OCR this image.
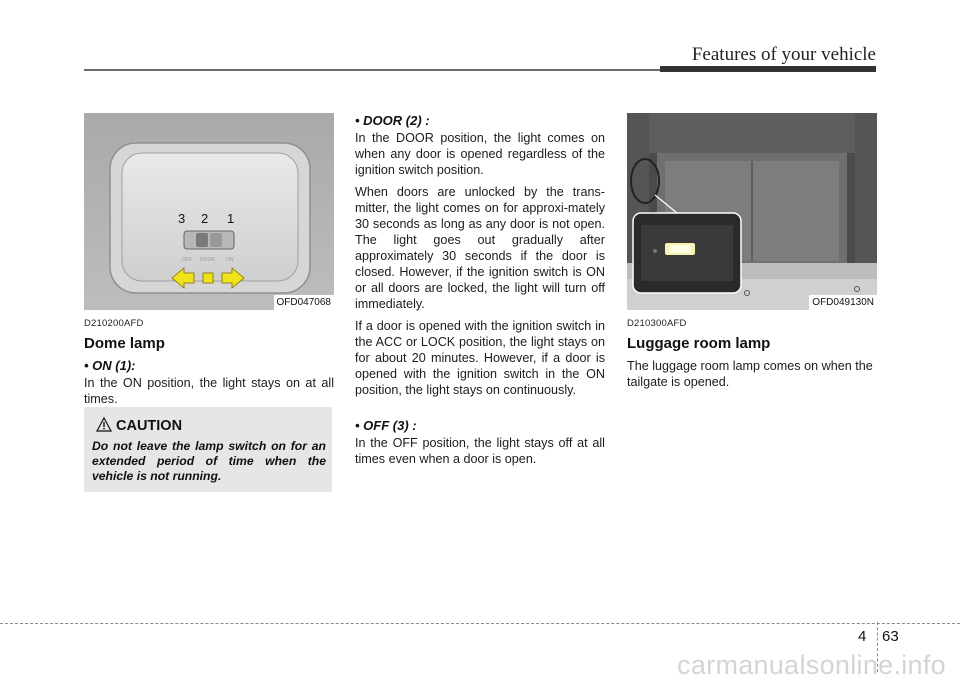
Features of your vehicle
OFF DOOR ON
3 2 1
OFD047068
D210200AFD
Dome lamp
• ON (1):

In the ON position, the light stays on at all times.

CAUTION
Do not leave the lamp switch on for an extended period of time when the vehicle is not running.
• DOOR (2) :

In the DOOR position, the light comes on when any door is opened regardless of the ignition switch position.

When doors are unlocked by the trans-mitter, the light comes on for approxi-mately 30 seconds as long as any door is not open. The light goes out gradually after approximately 30 seconds if the door is closed. However, if the ignition switch is ON or all doors are locked, the light will turn off immediately.

If a door is opened with the ignition switch in the ACC or LOCK position, the light stays on for about 20 minutes. However, if a door is opened with the ignition switch in the ON position, the light stays on continuously.

• OFF (3) :

In the OFF position, the light stays off at all times even when a door is open.

OFD049130N
D210300AFD
Luggage room lamp

The luggage room lamp comes on when the tailgate is opened.

4 63
carmanualsonline.info
